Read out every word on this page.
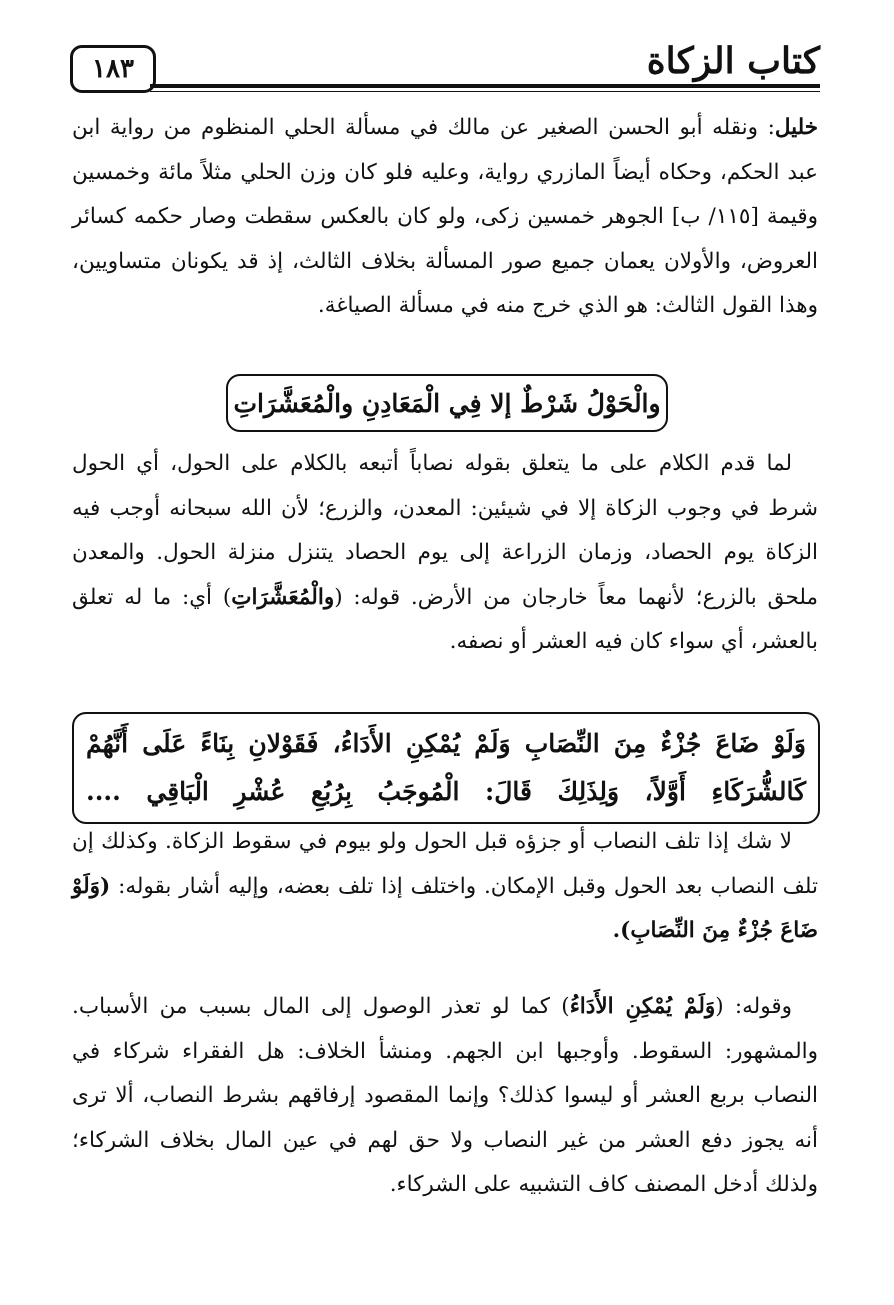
كتاب الزكاة
١٨٣
خليل: ونقله أبو الحسن الصغير عن مالك في مسألة الحلي المنظوم من رواية ابن عبد الحكم، وحكاه أيضاً المازري رواية، وعليه فلو كان وزن الحلي مثلاً مائة وخمسين وقيمة [١١٥/ ب] الجوهر خمسين زكى، ولو كان بالعكس سقطت وصار حكمه كسائر العروض، والأولان يعمان جميع صور المسألة بخلاف الثالث، إذ قد يكونان متساويين، وهذا القول الثالث: هو الذي خرج منه في مسألة الصياغة.
والْحَوْلُ شَرْطٌ إلا فِي الْمَعَادِنِ والْمُعَشَّرَاتِ
لما قدم الكلام على ما يتعلق بقوله نصاباً أتبعه بالكلام على الحول، أي الحول شرط في وجوب الزكاة إلا في شيئين: المعدن، والزرع؛ لأن الله سبحانه أوجب فيه الزكاة يوم الحصاد، وزمان الزراعة إلى يوم الحصاد يتنزل منزلة الحول. والمعدن ملحق بالزرع؛ لأنهما معاً خارجان من الأرض. قوله: (والْمُعَشَّرَاتِ) أي: ما له تعلق بالعشر، أي سواء كان فيه العشر أو نصفه.
وَلَوْ ضَاعَ جُزْءٌ مِنَ النِّصَابِ وَلَمْ يُمْكِنِ الأَدَاءُ، فَقَوْلانِ بِنَاءً عَلَى أَنَّهُمْ كَالشُّرَكَاءِ أَوَّلاً، وَلِذَلِكَ قَالَ: الْمُوجَبُ بِرُبُعِ عُشْرِ الْبَاقِي ....
لا شك إذا تلف النصاب أو جزؤه قبل الحول ولو بيوم في سقوط الزكاة. وكذلك إن تلف النصاب بعد الحول وقبل الإمكان. واختلف إذا تلف بعضه، وإليه أشار بقوله: (وَلَوْ ضَاعَ جُزْءٌ مِنَ النِّصَابِ).
وقوله: (وَلَمْ يُمْكِنِ الأَدَاءُ) كما لو تعذر الوصول إلى المال بسبب من الأسباب. والمشهور: السقوط. وأوجبها ابن الجهم. ومنشأ الخلاف: هل الفقراء شركاء في النصاب بربع العشر أو ليسوا كذلك؟ وإنما المقصود إرفاقهم بشرط النصاب، ألا ترى أنه يجوز دفع العشر من غير النصاب ولا حق لهم في عين المال بخلاف الشركاء؛ ولذلك أدخل المصنف كاف التشبيه على الشركاء.
